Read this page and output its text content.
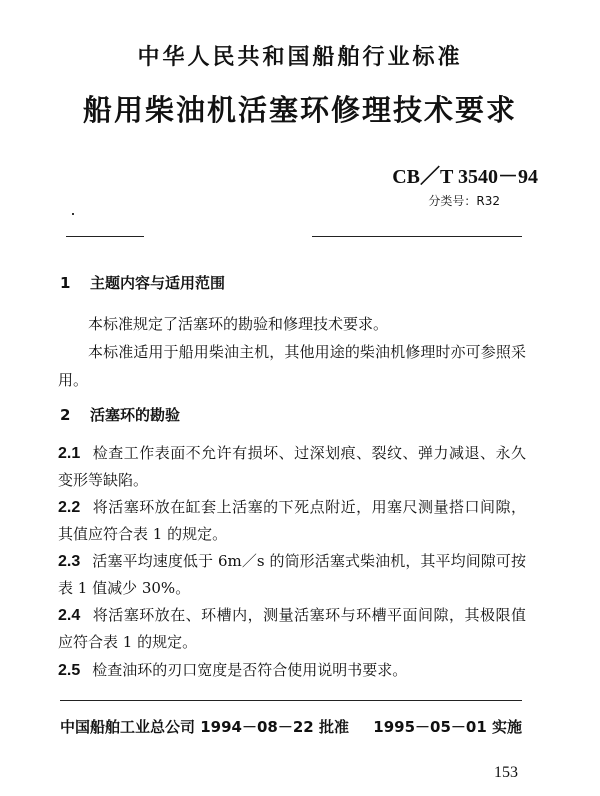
中华人民共和国船舶行业标准
船用柴油机活塞环修理技术要求
CB／T 3540－94
分类号：R32
1 主题内容与适用范围
本标准规定了活塞环的勘验和修理技术要求。
本标准适用于船用柴油主机，其他用途的柴油机修理时亦可参照采用。
2 活塞环的勘验
2.1 检查工作表面不允许有损坏、过深划痕、裂纹、弹力减退、永久变形等缺陷。
2.2 将活塞环放在缸套上活塞的下死点附近，用塞尺测量搭口间隙，其值应符合表 1 的规定。
2.3 活塞平均速度低于 6m／s 的筒形活塞式柴油机，其平均间隙可按表 1 值减少 30%。
2.4 将活塞环放在、环槽内，测量活塞环与环槽平面间隙，其极限值应符合表 1 的规定。
2.5 检查油环的刃口宽度是否符合使用说明书要求。
中国船舶工业总公司 1994－08－22 批准 1995－05－01 实施
153
